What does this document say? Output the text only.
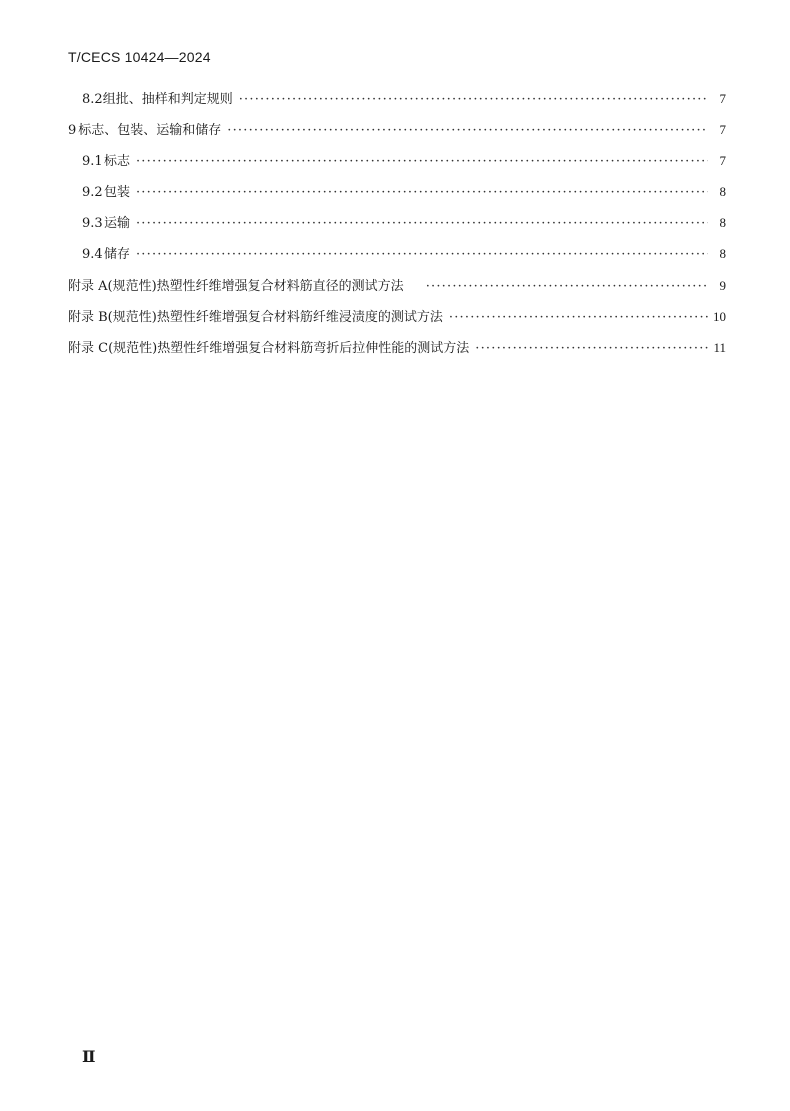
T/CECS 10424—2024
8.2 组批、抽样和判定规则 ·····	7
9 标志、包装、运输和储存 ·····	7
9.1 标志 ·····	7
9.2 包装 ·····	8
9.3 运输 ·····	8
9.4 储存 ·····	8
附录 A(规范性) 热塑性纤维增强复合材料筋直径的测试方法 ·····	9
附录 B(规范性) 热塑性纤维增强复合材料筋纤维浸渍度的测试方法 ·····	10
附录 C(规范性) 热塑性纤维增强复合材料筋弯折后拉伸性能的测试方法 ·····	11
Ⅱ
